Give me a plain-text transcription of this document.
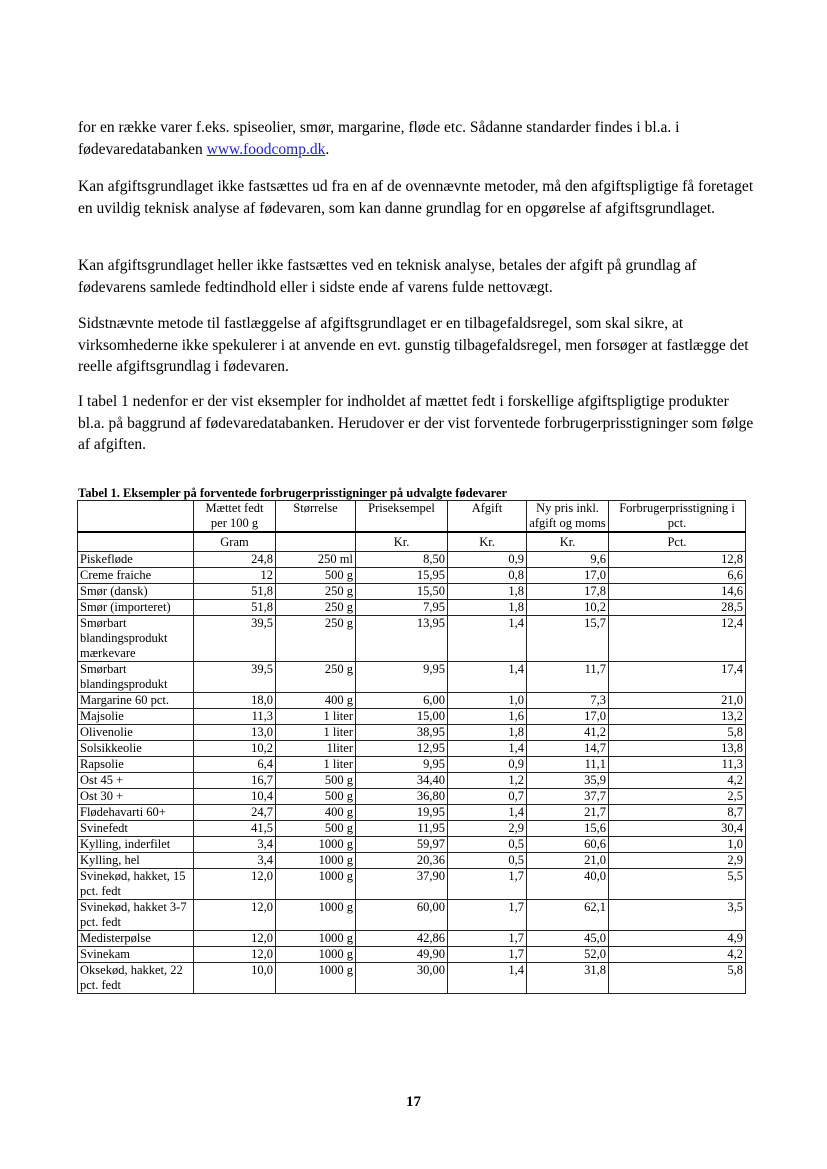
for en række varer f.eks. spiseolier, smør, margarine, fløde etc. Sådanne standarder findes i bl.a. i fødevaredatabanken www.foodcomp.dk.

Kan afgiftsgrundlaget ikke fastsættes ud fra en af de ovennævnte metoder, må den afgiftspligtige få foretaget en uvildig teknisk analyse af fødevaren, som kan danne grundlag for en opgørelse af afgiftsgrundlaget.

Kan afgiftsgrundlaget heller ikke fastsættes ved en teknisk analyse, betales der afgift på grundlag af fødevarens samlede fedtindhold eller i sidste ende af varens fulde nettovægt.

Sidstnævnte metode til fastlæggelse af afgiftsgrundlaget er en tilbagefaldsregel, som skal sikre, at virksomhederne ikke spekulerer i at anvende en evt. gunstig tilbagefaldsregel, men forsøger at fastlægge det reelle afgiftsgrundlag i fødevaren.

I tabel 1 nedenfor er der vist eksempler for indholdet af mættet fedt i forskellige afgiftspligtige produkter bl.a. på baggrund af fødevaredatabanken. Herudover er der vist forventede forbrugerprisstigninger som følge af afgiften.

Tabel 1. Eksempler på forventede forbrugerprisstigninger på udvalgte fødevarer

	Mættet fedt per 100 g	Størrelse	Priseksempel	Afgift	Ny pris inkl. afgift og moms	Forbrugerprisstigning i pct.
	Gram		Kr.	Kr.	Kr.	Pct.
Piskefløde	24,8	250 ml	8,50	0,9	9,6	12,8
Creme fraiche	12	500 g	15,95	0,8	17,0	6,6
Smør (dansk)	51,8	250 g	15,50	1,8	17,8	14,6
Smør (importeret)	51,8	250 g	7,95	1,8	10,2	28,5
Smørbart blandingsprodukt mærkevare	39,5	250 g	13,95	1,4	15,7	12,4
Smørbart blandingsprodukt	39,5	250 g	9,95	1,4	11,7	17,4
Margarine 60 pct.	18,0	400 g	6,00	1,0	7,3	21,0
Majsolie	11,3	1 liter	15,00	1,6	17,0	13,2
Olivenolie	13,0	1 liter	38,95	1,8	41,2	5,8
Solsikkeolie	10,2	1liter	12,95	1,4	14,7	13,8
Rapsolie	6,4	1 liter	9,95	0,9	11,1	11,3
Ost 45 +	16,7	500 g	34,40	1,2	35,9	4,2
Ost 30 +	10,4	500 g	36,80	0,7	37,7	2,5
Flødehavarti 60+	24,7	400 g	19,95	1,4	21,7	8,7
Svinefedt	41,5	500 g	11,95	2,9	15,6	30,4
Kylling, inderfilet	3,4	1000 g	59,97	0,5	60,6	1,0
Kylling, hel	3,4	1000 g	20,36	0,5	21,0	2,9
Svinekød, hakket, 15 pct. fedt	12,0	1000 g	37,90	1,7	40,0	5,5
Svinekød, hakket 3-7 pct. fedt	12,0	1000 g	60,00	1,7	62,1	3,5
Medisterpølse	12,0	1000 g	42,86	1,7	45,0	4,9
Svinekam	12,0	1000 g	49,90	1,7	52,0	4,2
Oksekød, hakket, 22 pct. fedt	10,0	1000 g	30,00	1,4	31,8	5,8
17
